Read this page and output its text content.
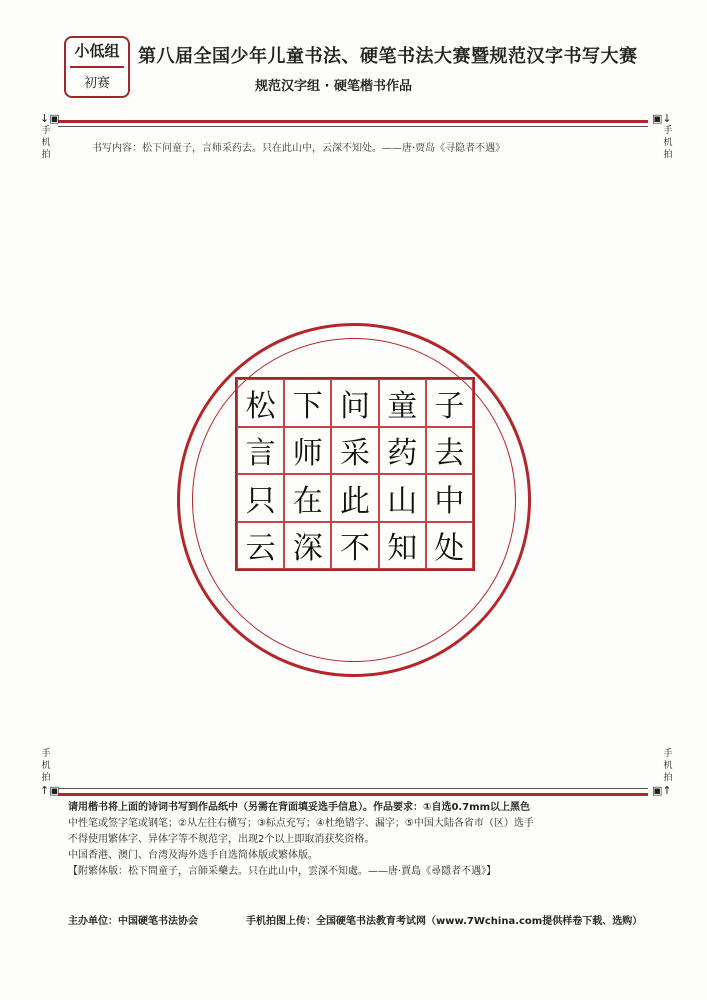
小低组
初赛
第八届全国少年儿童书法、硬笔书法大赛暨规范汉字书写大赛
规范汉字组 · 硬笔楷书作品
↓▣
手机拍
▣↓
手机拍
书写内容：松下问童子，言师采药去。只在此山中，云深不知处。——唐·贾岛《寻隐者不遇》
松 下 问 童 子
言 师 采 药 去
只 在 此 山 中
云 深 不 知 处
手机拍
↑▣
手机拍
▣↑

请用楷书将上面的诗词书写到作品纸中（另需在背面填妥选手信息）。作品要求：①自选0.7mm以上黑色

中性笔或签字笔或钢笔；②从左往右横写；③标点充写；④杜绝错字、漏字；⑤中国大陆各省市（区）选手

不得使用繁体字、异体字等不规范字，出现2个以上即取消获奖资格。

中国香港、澳门、台湾及海外选手自选简体版或繁体版。

【附繁体版：松下問童子，言師采藥去。只在此山中，雲深不知處。——唐·賈島《尋隱者不遇》】

主办单位：中国硬笔书法协会	手机拍图上传：全国硬笔书法教育考试网（www.7Wchina.com提供样卷下载、选购）
